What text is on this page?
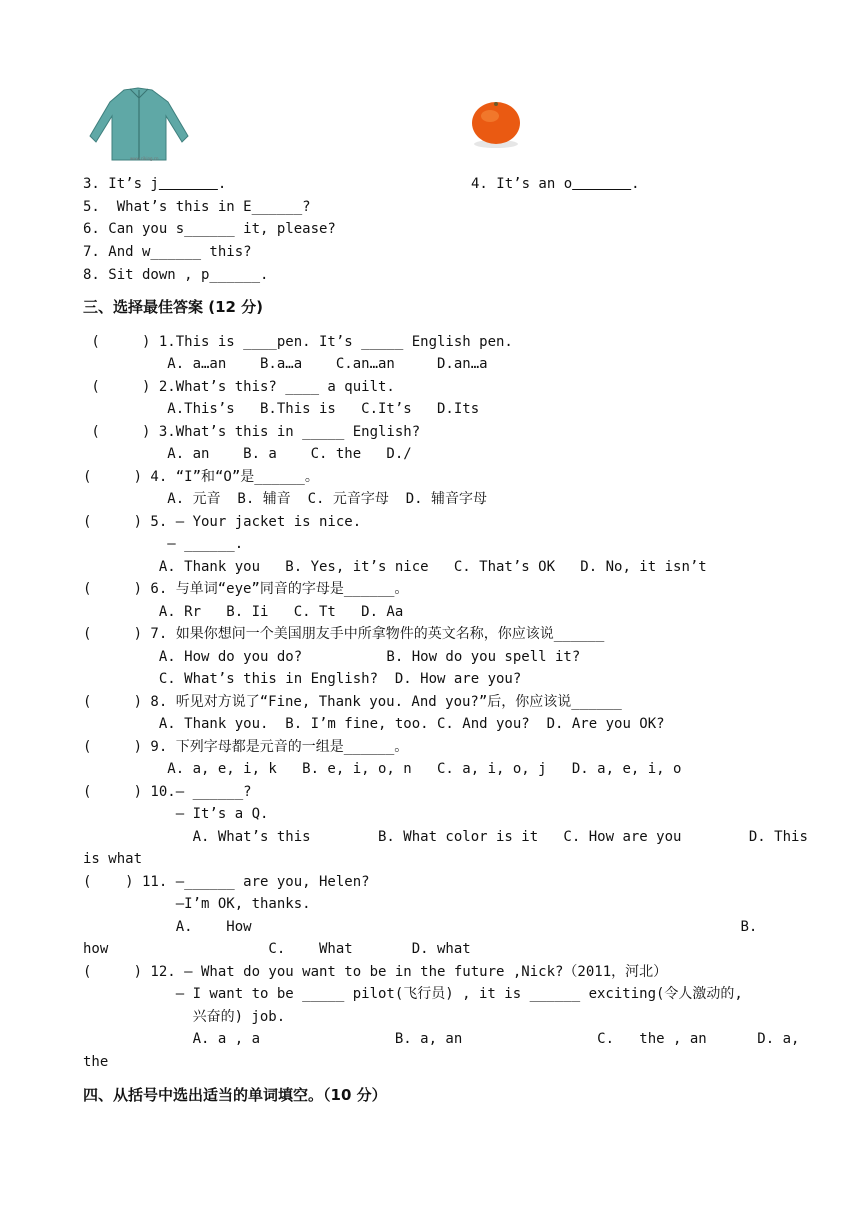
www.ciking.cn
3. It’s j	.	4. It’s an o	.
5.  What’s this in E______?
6. Can you s______ it, please?
7. And w______ this?
8. Sit down , p______.
三、选择最佳答案 (12 分)
(     ) 1.This is ____pen. It’s _____ English pen.
A. a…an    B.a…a    C.an…an     D.an…a
(     ) 2.What’s this? ____ a quilt.
A.This’s   B.This is   C.It’s   D.Its
(     ) 3.What’s this in _____ English?
A. an    B. a    C. the   D./
(     ) 4. “I”和“O”是______。
A. 元音  B. 辅音  C. 元音字母  D. 辅音字母
(     ) 5. — Your jacket is nice.
— ______.
A. Thank you   B. Yes, it’s nice   C. That’s OK   D. No, it isn’t
(     ) 6. 与单词“eye”同音的字母是______。
A. Rr   B. Ii   C. Tt   D. Aa
(     ) 7. 如果你想问一个美国朋友手中所拿物件的英文名称，你应该说______
A. How do you do?          B. How do you spell it?
C. What’s this in English?  D. How are you?
(     ) 8. 听见对方说了“Fine, Thank you. And you?”后，你应该说______
A. Thank you.  B. I’m fine, too. C. And you?  D. Are you OK?
(     ) 9. 下列字母都是元音的一组是______。
A. a, e, i, k   B. e, i, o, n   C. a, i, o, j   D. a, e, i, o
(     ) 10.— ______?
— It’s a Q.
A. What’s this        B. What color is it   C. How are you        D. This
is what
(    ) 11. —______ are you, Helen?
—I’m OK, thanks.
A.    How                                                          B.
how                   C.    What       D. what
(     ) 12. — What do you want to be in the future ,Nick?（2011，河北）
— I want to be _____ pilot(飞行员) , it is ______ exciting(令人激动的,
兴奋的) job.
A. a , a                B. a, an                C.   the , an      D. a,
the
四、从括号中选出适当的单词填空。（10 分）
